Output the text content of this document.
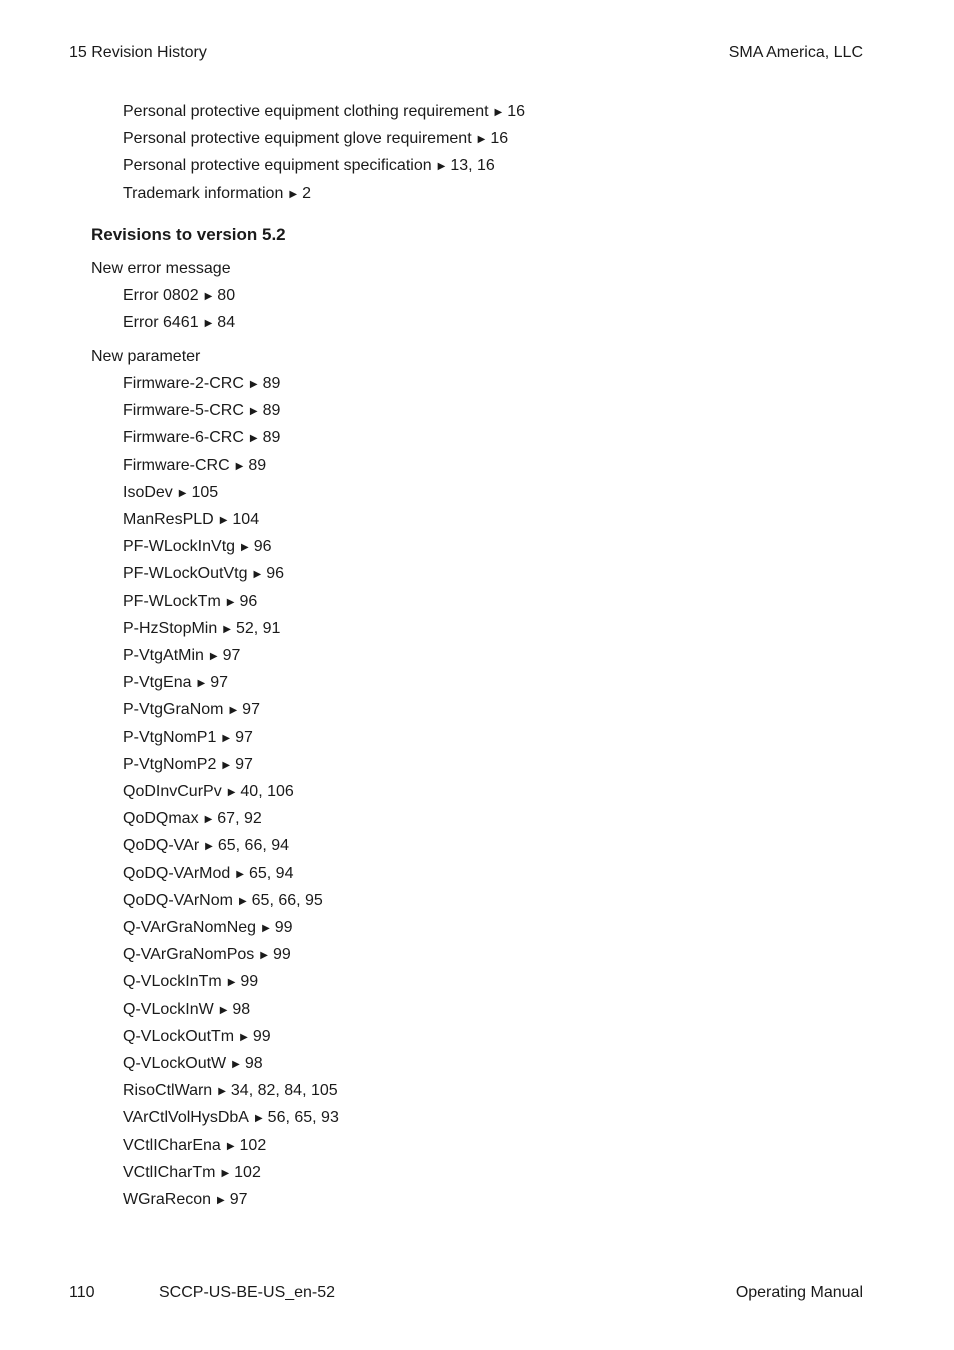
15 Revision History	SMA America, LLC
Revisions to version 5.2
Personal protective equipment clothing requirement ▶ 16
Personal protective equipment glove requirement ▶ 16
Personal protective equipment specification ▶ 13, 16
Trademark information ▶ 2
New error message
Error 0802 ▶ 80
Error 6461 ▶ 84
New parameter
Firmware-2-CRC ▶ 89
Firmware-5-CRC ▶ 89
Firmware-6-CRC ▶ 89
Firmware-CRC ▶ 89
IsoDev ▶ 105
ManResPLD ▶ 104
PF-WLockInVtg ▶ 96
PF-WLockOutVtg ▶ 96
PF-WLockTm ▶ 96
P-HzStopMin ▶ 52, 91
P-VtgAtMin ▶ 97
P-VtgEna ▶ 97
P-VtgGraNom ▶ 97
P-VtgNomP1 ▶ 97
P-VtgNomP2 ▶ 97
QoDInvCurPv ▶ 40, 106
QoDQmax ▶ 67, 92
QoDQ-VAr ▶ 65, 66, 94
QoDQ-VArMod ▶ 65, 94
QoDQ-VArNom ▶ 65, 66, 95
Q-VArGraNomNeg ▶ 99
Q-VArGraNomPos ▶ 99
Q-VLockInTm ▶ 99
Q-VLockInW ▶ 98
Q-VLockOutTm ▶ 99
Q-VLockOutW ▶ 98
RisoCtlWarn ▶ 34, 82, 84, 105
VArCtlVolHysDbA ▶ 56, 65, 93
VCtlICharEna ▶ 102
VCtlICharTm ▶ 102
WGraRecon ▶ 97
110	SCCP-US-BE-US_en-52	Operating Manual
